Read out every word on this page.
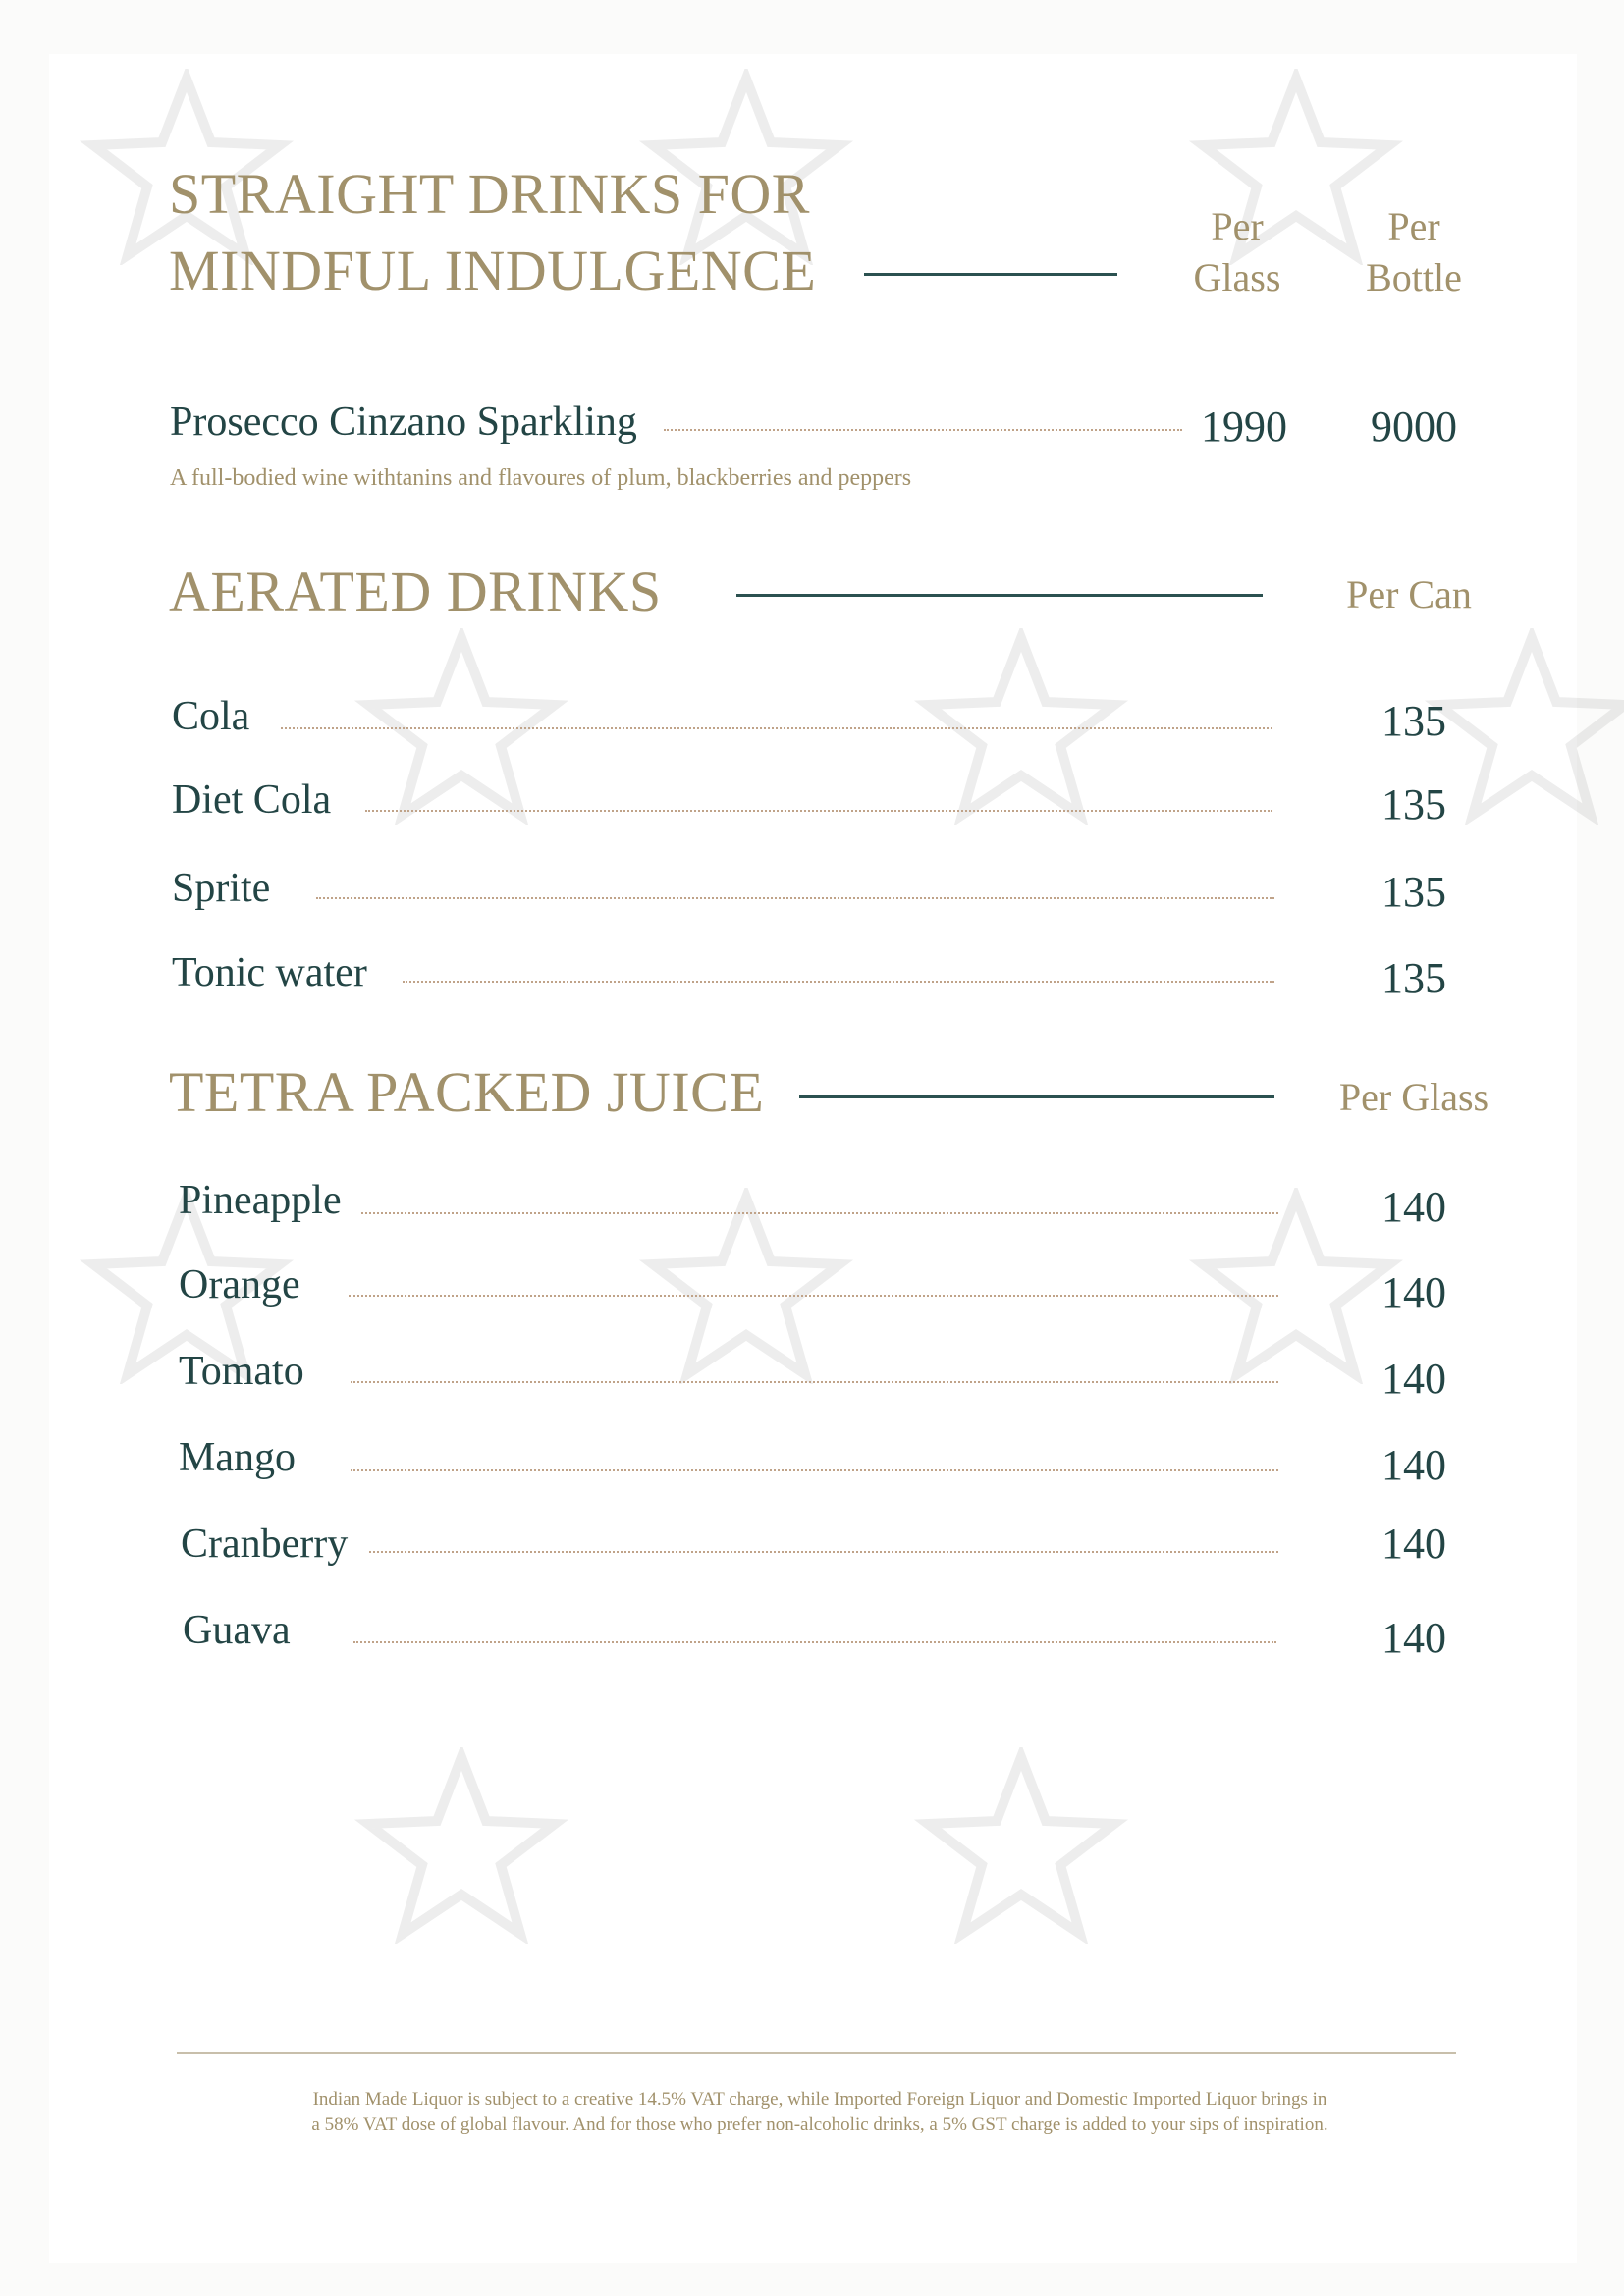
STRAIGHT DRINKS FOR
MINDFUL INDULGENCE
Per
Glass
Per
Bottle
Prosecco Cinzano Sparkling	1990	9000
A full-bodied wine withtanins and flavoures of plum, blackberries and peppers
AERATED DRINKS	Per Can
Cola	135
Diet Cola	135
Sprite	135
Tonic water	135
TETRA PACKED JUICE	Per Glass
Pineapple	140
Orange	140
Tomato	140
Mango	140
Cranberry	140
Guava	140
Indian Made Liquor is subject to a creative 14.5% VAT charge, while Imported Foreign Liquor and Domestic Imported Liquor brings in
a 58% VAT dose of global flavour. And for those who prefer non-alcoholic drinks, a 5% GST charge is added to your sips of inspiration.
